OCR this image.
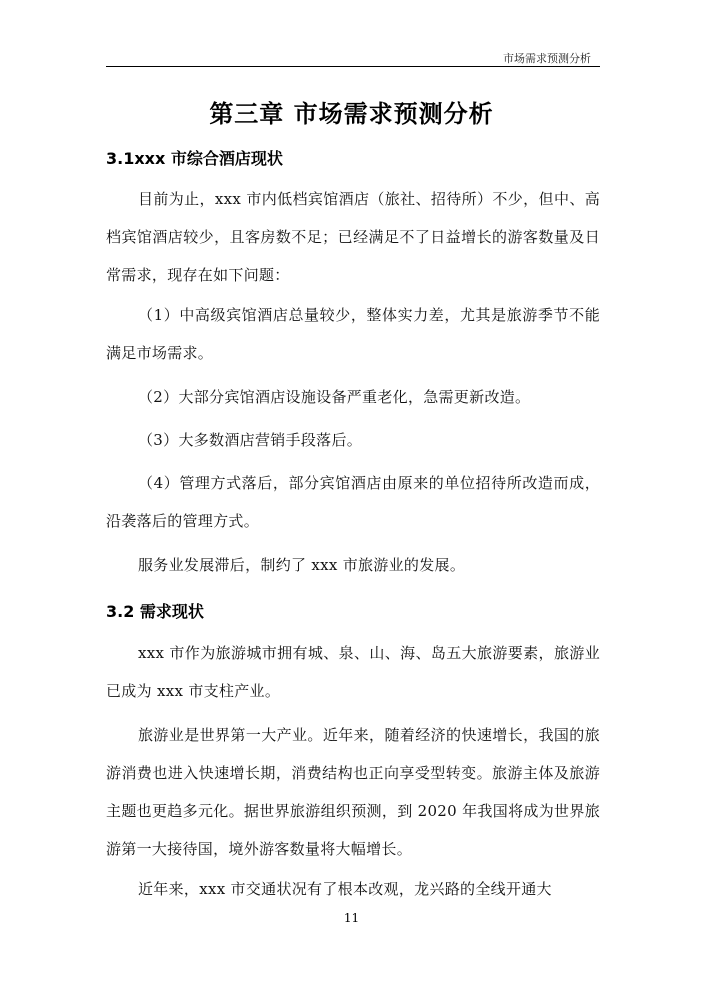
市场需求预测分析
第三章 市场需求预测分析
3.1xxx 市综合酒店现状
目前为止，xxx 市内低档宾馆酒店（旅社、招待所）不少，但中、高档宾馆酒店较少，且客房数不足；已经满足不了日益增长的游客数量及日常需求，现存在如下问题：
（1）中高级宾馆酒店总量较少，整体实力差，尤其是旅游季节不能满足市场需求。
（2）大部分宾馆酒店设施设备严重老化，急需更新改造。
（3）大多数酒店营销手段落后。
（4）管理方式落后，部分宾馆酒店由原来的单位招待所改造而成，沿袭落后的管理方式。
服务业发展滞后，制约了 xxx 市旅游业的发展。
3.2 需求现状
xxx 市作为旅游城市拥有城、泉、山、海、岛五大旅游要素，旅游业已成为 xxx 市支柱产业。
旅游业是世界第一大产业。近年来，随着经济的快速增长，我国的旅游消费也进入快速增长期，消费结构也正向享受型转变。旅游主体及旅游主题也更趋多元化。据世界旅游组织预测，到 2020 年我国将成为世界旅游第一大接待国，境外游客数量将大幅增长。
近年来，xxx 市交通状况有了根本改观，龙兴路的全线开通大
11
